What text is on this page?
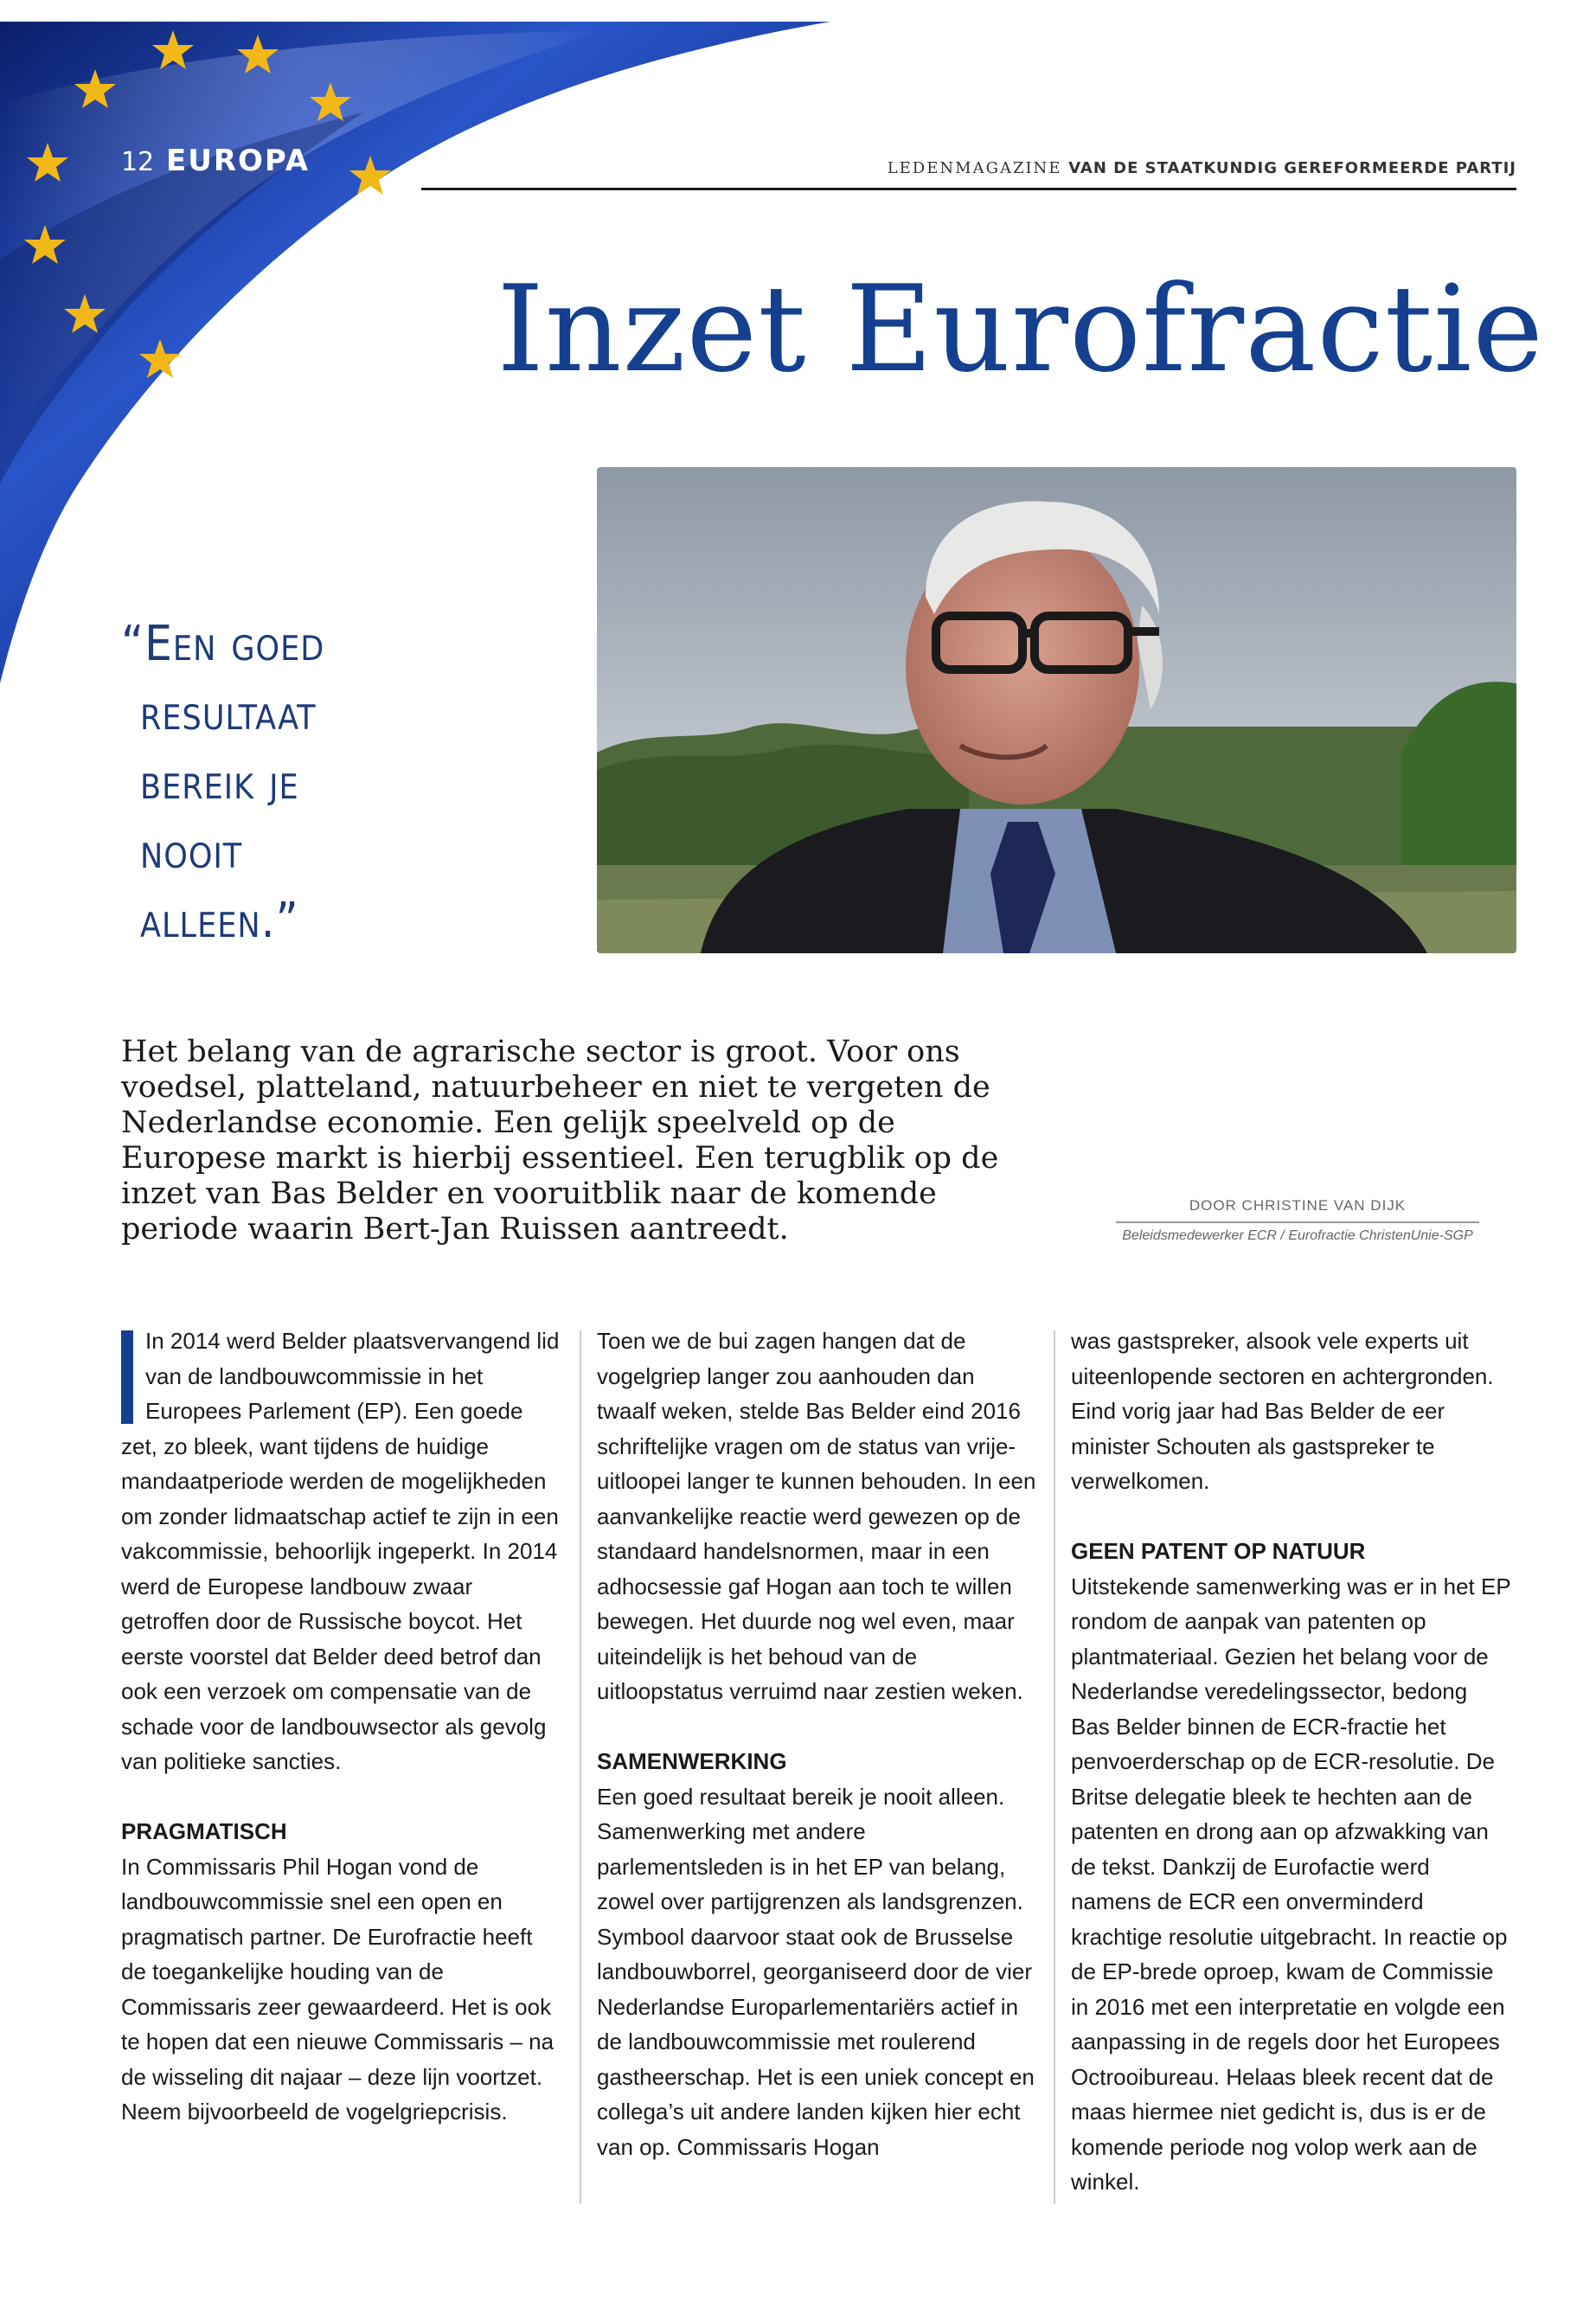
12 EUROPA	LEDENMAGAZINE VAN DE STAATKUNDIG GEREFORMEERDE PARTIJ
Inzet Eurofractie
“Een goed
resultaat
bereik je
nooit
alleen.”

Het belang van de agrarische sector is groot. Voor ons voedsel, platteland, natuurbeheer en niet te vergeten de Nederlandse economie. Een gelijk speelveld op de Europese markt is hierbij essentieel. Een terugblik op de inzet van Bas Belder en vooruitblik naar de komende periode waarin Bert-Jan Ruissen aantreedt.

DOOR CHRISTINE VAN DIJK
Beleidsmedewerker ECR / Eurofractie ChristenUnie-SGP

In 2014 werd Belder plaatsvervangend lid van de landbouwcommissie in het Europees Parlement (EP). Een goede zet, zo bleek, want tijdens de huidige mandaatperiode werden de mogelijkheden om zonder lidmaatschap actief te zijn in een vakcommissie, behoorlijk ingeperkt. In 2014 werd de Europese landbouw zwaar getroffen door de Russische boycot. Het eerste voorstel dat Belder deed betrof dan ook een verzoek om compensatie van de schade voor de landbouwsector als gevolg van politieke sancties.

PRAGMATISCH

In Commissaris Phil Hogan vond de landbouwcommissie snel een open en pragmatisch partner. De Eurofractie heeft de toegankelijke houding van de Commissaris zeer gewaardeerd. Het is ook te hopen dat een nieuwe Commissaris – na de wisseling dit najaar – deze lijn voortzet.

Neem bijvoorbeeld de vogelgriepcrisis.

Toen we de bui zagen hangen dat de vogelgriep langer zou aanhouden dan twaalf weken, stelde Bas Belder eind 2016 schriftelijke vragen om de status van vrije-uitloopei langer te kunnen behouden. In een aanvankelijke reactie werd gewezen op de standaard handelsnormen, maar in een adhocsessie gaf Hogan aan toch te willen bewegen. Het duurde nog wel even, maar uiteindelijk is het behoud van de uitloopstatus verruimd naar zestien weken.

SAMENWERKING

Een goed resultaat bereik je nooit alleen. Samenwerking met andere parlementsleden is in het EP van belang, zowel over partijgrenzen als landsgrenzen. Symbool daarvoor staat ook de Brusselse landbouwborrel, georganiseerd door de vier Nederlandse Europarlementariërs actief in de landbouwcommissie met roulerend gastheerschap. Het is een uniek concept en collega’s uit andere landen kijken hier echt van op. Commissaris Hogan

was gastspreker, alsook vele experts uit uiteenlopende sectoren en achtergronden. Eind vorig jaar had Bas Belder de eer minister Schouten als gastspreker te verwelkomen.

GEEN PATENT OP NATUUR

Uitstekende samenwerking was er in het EP rondom de aanpak van patenten op plantmateriaal. Gezien het belang voor de Nederlandse veredelingssector, bedong Bas Belder binnen de ECR-fractie het penvoerderschap op de ECR-resolutie. De Britse delegatie bleek te hechten aan de patenten en drong aan op afzwakking van de tekst. Dankzij de Eurofactie werd namens de ECR een onverminderd krachtige resolutie uitgebracht. In reactie op de EP-brede oproep, kwam de Commissie in 2016 met een interpretatie en volgde een aanpassing in de regels door het Europees Octrooibureau. Helaas bleek recent dat de maas hiermee niet gedicht is, dus is er de komende periode nog volop werk aan de winkel.
